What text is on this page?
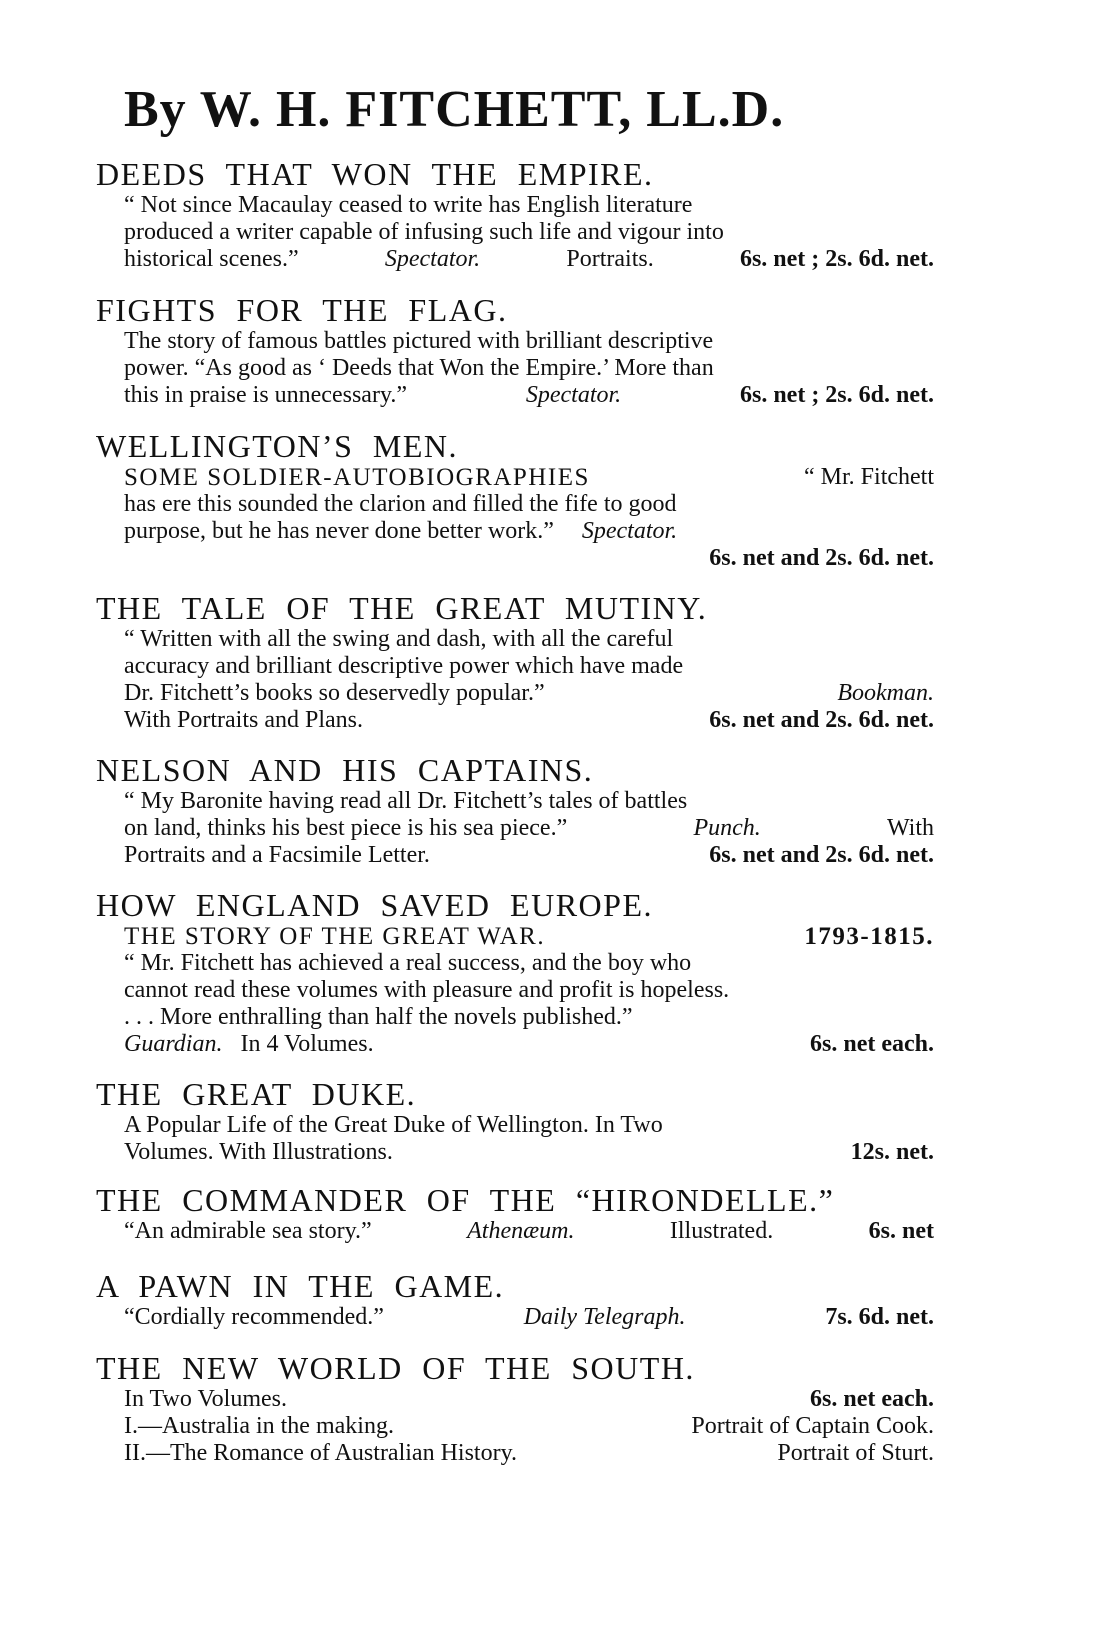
By W. H. FITCHETT, LL.D.
DEEDS THAT WON THE EMPIRE.
“ Not since Macaulay ceased to write has English literature
produced a writer capable of infusing such life and vigour into
historical scenes.”	Spectator.	Portraits.	6s. net ; 2s. 6d. net.
FIGHTS FOR THE FLAG.
The story of famous battles pictured with brilliant descriptive
power. “As good as ‘ Deeds that Won the Empire.’ More than
this in praise is unnecessary.”	Spectator.	6s. net ; 2s. 6d. net.
WELLINGTON’S MEN.
SOME SOLDIER-AUTOBIOGRAPHIES	“ Mr. Fitchett
has ere this sounded the clarion and filled the fife to good
purpose, but he has never done better work.” Spectator.
6s. net and 2s. 6d. net.
THE TALE OF THE GREAT MUTINY.
“ Written with all the swing and dash, with all the careful
accuracy and brilliant descriptive power which have made
Dr. Fitchett’s books so deservedly popular.”	Bookman.
With Portraits and Plans.	6s. net and 2s. 6d. net.
NELSON AND HIS CAPTAINS.
“ My Baronite having read all Dr. Fitchett’s tales of battles
on land, thinks his best piece is his sea piece.”	Punch.	With
Portraits and a Facsimile Letter.	6s. net and 2s. 6d. net.
HOW ENGLAND SAVED EUROPE.
THE STORY OF THE GREAT WAR.	1793-1815.
“ Mr. Fitchett has achieved a real success, and the boy who
cannot read these volumes with pleasure and profit is hopeless.
. . . More enthralling than half the novels published.”
Guardian. In 4 Volumes.	6s. net each.
THE GREAT DUKE.
A Popular Life of the Great Duke of Wellington. In Two
Volumes. With Illustrations.	12s. net.
THE COMMANDER OF THE “HIRONDELLE.”
“An admirable sea story.”	Athenæum.	Illustrated.	6s. net
A PAWN IN THE GAME.
“Cordially recommended.”	Daily Telegraph.	7s. 6d. net.
THE NEW WORLD OF THE SOUTH.
In Two Volumes.	6s. net each.
I.—Australia in the making.	Portrait of Captain Cook.
II.—The Romance of Australian History.	Portrait of Sturt.
